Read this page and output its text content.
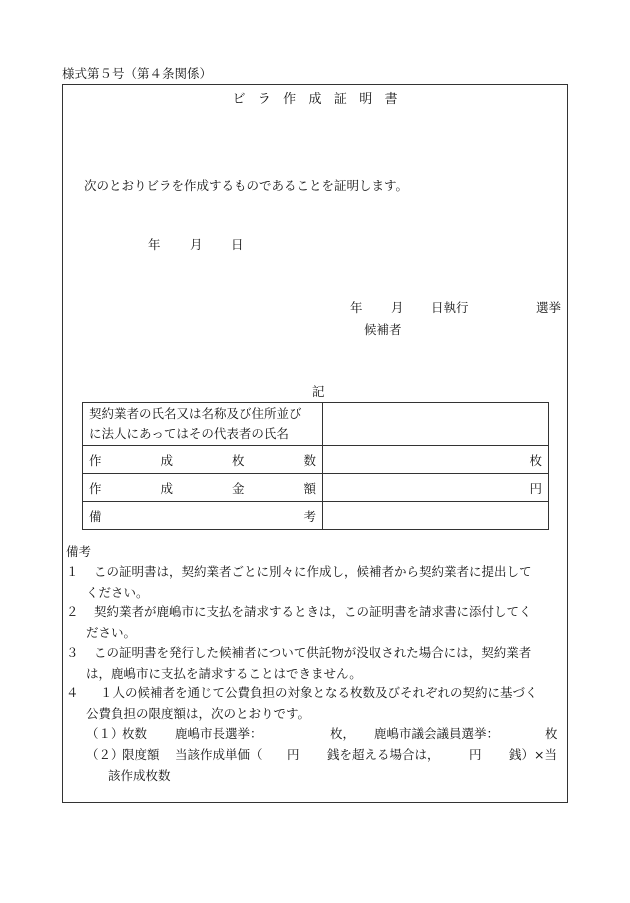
様式第５号（第４条関係）
ビラ作成証明書
次のとおりビラを作成するものであることを証明します。
年 月 日
年 月 日執行	選挙
候補者
記
契約業者の氏名又は名称及び住所並び
に法人にあってはその代表者の氏名	

作 成 枚 数	枚

作 成 金 額	円

備 考	

備考
１ この証明書は，契約業者ごとに別々に作成し，候補者から契約業者に提出して
ください。
２ 契約業者が鹿嶋市に支払を請求するときは，この証明書を請求書に添付してく
ださい。
３ この証明書を発行した候補者について供託物が没収された場合には，契約業者
は，鹿嶋市に支払を請求することはできません。
４ １人の候補者を通じて公費負担の対象となる枚数及びそれぞれの契約に基づく
公費負担の限度額は，次のとおりです。
（１）
枚数 鹿嶋市長選挙：	枚， 鹿嶋市議会議員選挙：	枚
（２）
限度額 当該作成単価（ 円 銭を超える場合は， 円 銭）×当
該作成枚数
